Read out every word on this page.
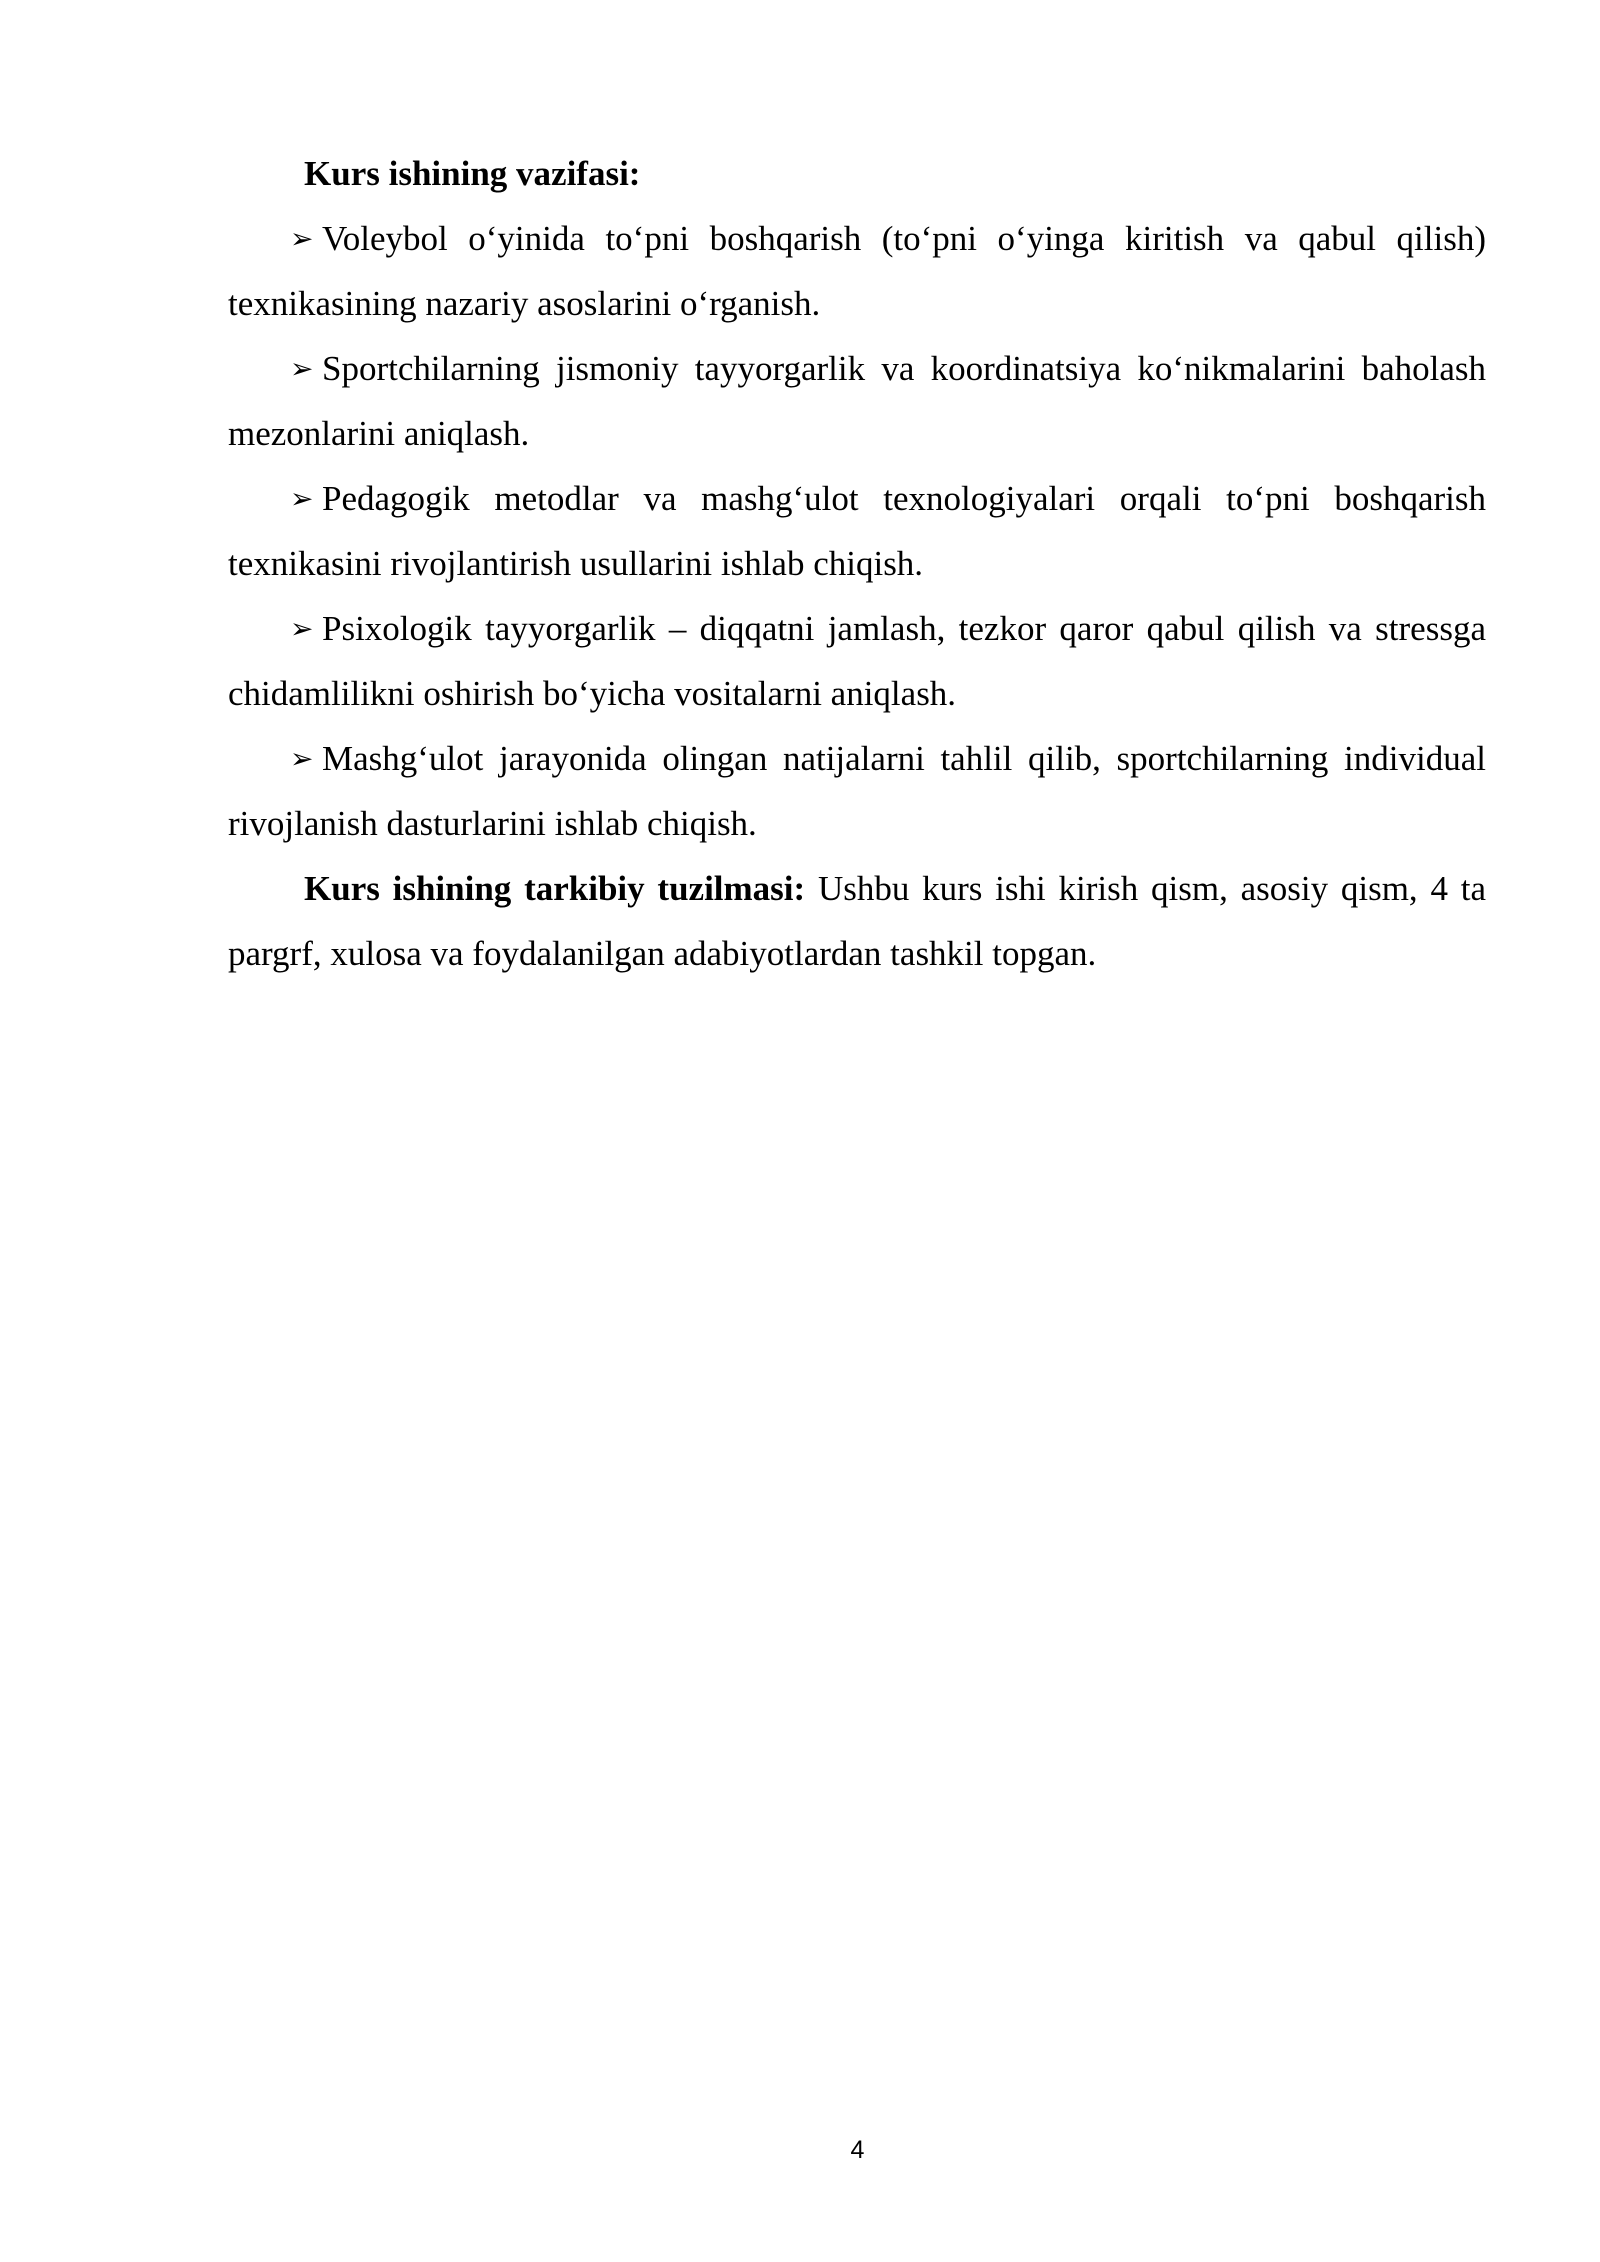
Kurs ishining vazifasi:

➢ Voleybol o‘yinida to‘pni boshqarish (to‘pni o‘yinga kiritish va qabul qilish) texnikasining nazariy asoslarini o‘rganish.

➢ Sportchilarning jismoniy tayyorgarlik va koordinatsiya ko‘nikmalarini baholash mezonlarini aniqlash.

➢ Pedagogik metodlar va mashg‘ulot texnologiyalari orqali to‘pni boshqarish texnikasini rivojlantirish usullarini ishlab chiqish.

➢ Psixologik tayyorgarlik – diqqatni jamlash, tezkor qaror qabul qilish va stressga chidamlilikni oshirish bo‘yicha vositalarni aniqlash.

➢ Mashg‘ulot jarayonida olingan natijalarni tahlil qilib, sportchilarning individual rivojlanish dasturlarini ishlab chiqish.

Kurs ishining tarkibiy tuzilmasi: Ushbu kurs ishi kirish qism, asosiy qism, 4 ta pargrf, xulosa va foydalanilgan adabiyotlardan tashkil topgan.

4
